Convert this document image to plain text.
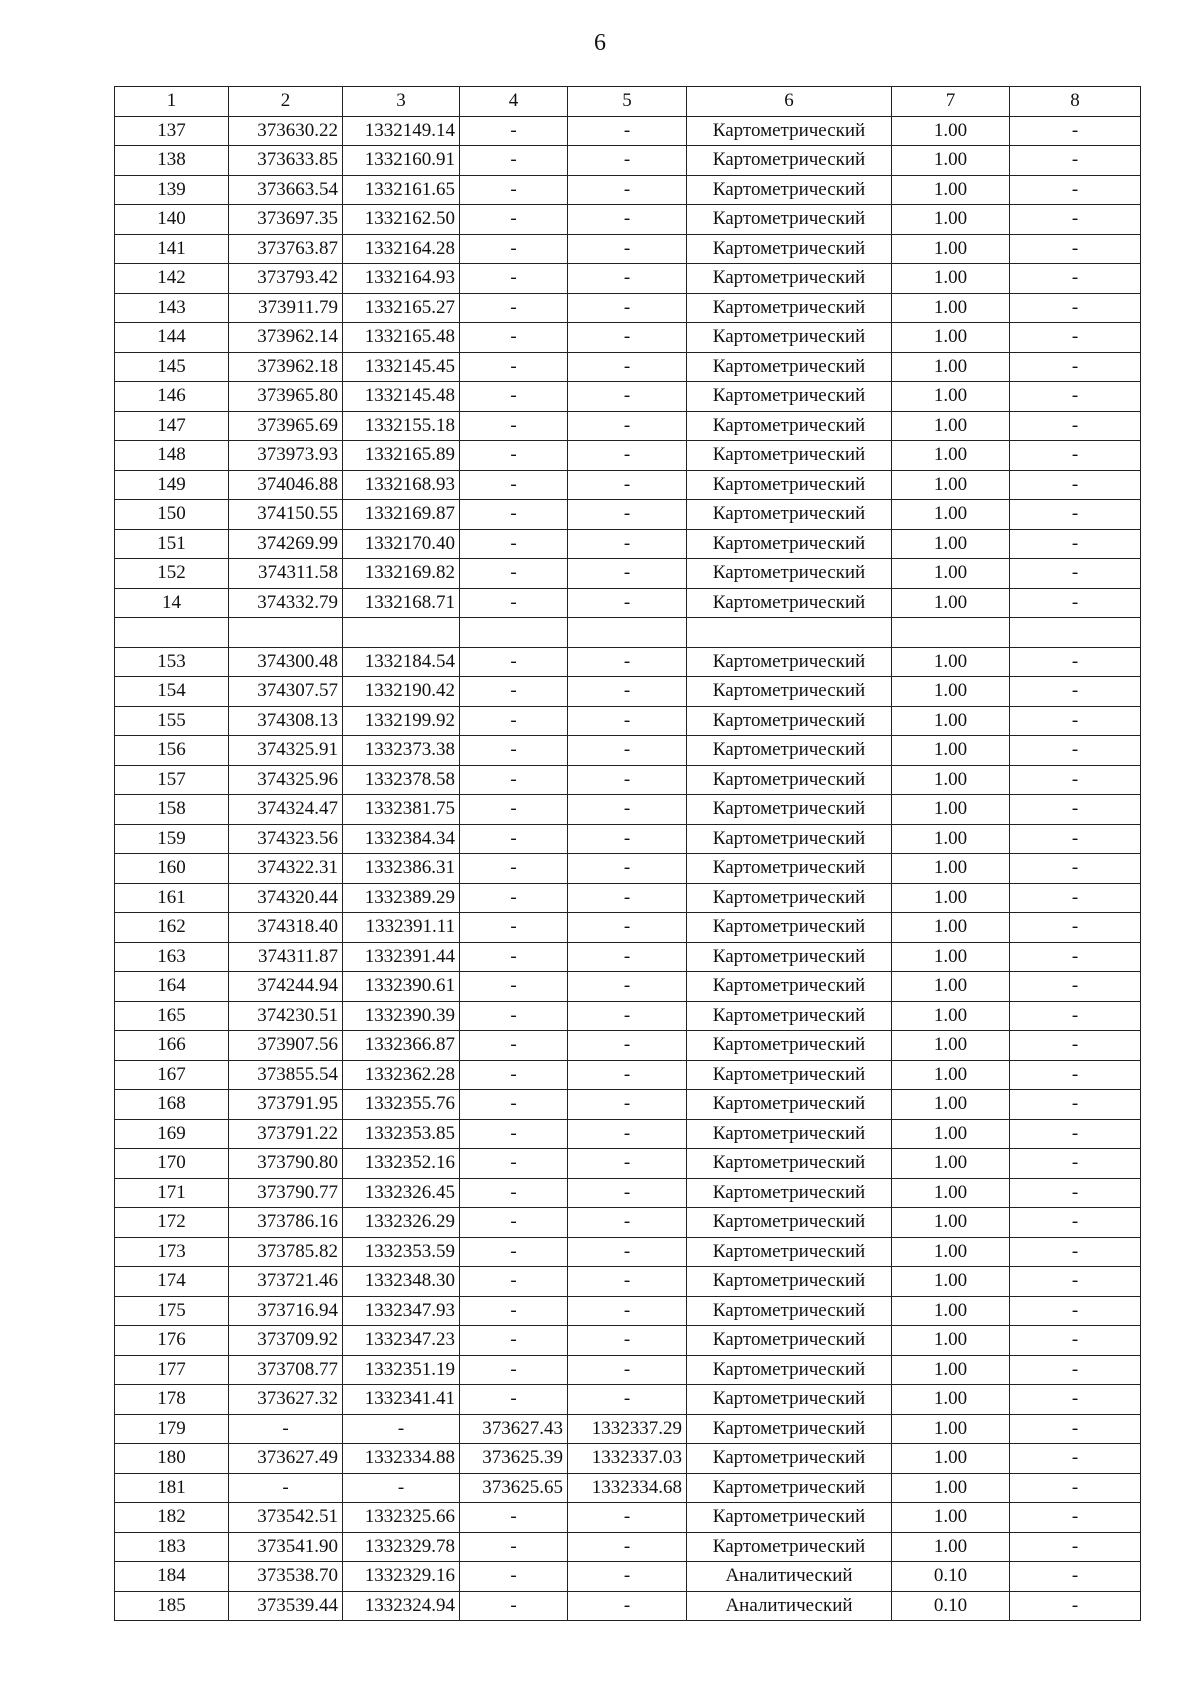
6
1	2	3	4	5	6	7	8
137	373630.22	1332149.14	-	-	Картометрический	1.00	-
138	373633.85	1332160.91	-	-	Картометрический	1.00	-
139	373663.54	1332161.65	-	-	Картометрический	1.00	-
140	373697.35	1332162.50	-	-	Картометрический	1.00	-
141	373763.87	1332164.28	-	-	Картометрический	1.00	-
142	373793.42	1332164.93	-	-	Картометрический	1.00	-
143	373911.79	1332165.27	-	-	Картометрический	1.00	-
144	373962.14	1332165.48	-	-	Картометрический	1.00	-
145	373962.18	1332145.45	-	-	Картометрический	1.00	-
146	373965.80	1332145.48	-	-	Картометрический	1.00	-
147	373965.69	1332155.18	-	-	Картометрический	1.00	-
148	373973.93	1332165.89	-	-	Картометрический	1.00	-
149	374046.88	1332168.93	-	-	Картометрический	1.00	-
150	374150.55	1332169.87	-	-	Картометрический	1.00	-
151	374269.99	1332170.40	-	-	Картометрический	1.00	-
152	374311.58	1332169.82	-	-	Картометрический	1.00	-
14	374332.79	1332168.71	-	-	Картометрический	1.00	-

153	374300.48	1332184.54	-	-	Картометрический	1.00	-
154	374307.57	1332190.42	-	-	Картометрический	1.00	-
155	374308.13	1332199.92	-	-	Картометрический	1.00	-
156	374325.91	1332373.38	-	-	Картометрический	1.00	-
157	374325.96	1332378.58	-	-	Картометрический	1.00	-
158	374324.47	1332381.75	-	-	Картометрический	1.00	-
159	374323.56	1332384.34	-	-	Картометрический	1.00	-
160	374322.31	1332386.31	-	-	Картометрический	1.00	-
161	374320.44	1332389.29	-	-	Картометрический	1.00	-
162	374318.40	1332391.11	-	-	Картометрический	1.00	-
163	374311.87	1332391.44	-	-	Картометрический	1.00	-
164	374244.94	1332390.61	-	-	Картометрический	1.00	-
165	374230.51	1332390.39	-	-	Картометрический	1.00	-
166	373907.56	1332366.87	-	-	Картометрический	1.00	-
167	373855.54	1332362.28	-	-	Картометрический	1.00	-
168	373791.95	1332355.76	-	-	Картометрический	1.00	-
169	373791.22	1332353.85	-	-	Картометрический	1.00	-
170	373790.80	1332352.16	-	-	Картометрический	1.00	-
171	373790.77	1332326.45	-	-	Картометрический	1.00	-
172	373786.16	1332326.29	-	-	Картометрический	1.00	-
173	373785.82	1332353.59	-	-	Картометрический	1.00	-
174	373721.46	1332348.30	-	-	Картометрический	1.00	-
175	373716.94	1332347.93	-	-	Картометрический	1.00	-
176	373709.92	1332347.23	-	-	Картометрический	1.00	-
177	373708.77	1332351.19	-	-	Картометрический	1.00	-
178	373627.32	1332341.41	-	-	Картометрический	1.00	-
179	-	-	373627.43	1332337.29	Картометрический	1.00	-
180	373627.49	1332334.88	373625.39	1332337.03	Картометрический	1.00	-
181	-	-	373625.65	1332334.68	Картометрический	1.00	-
182	373542.51	1332325.66	-	-	Картометрический	1.00	-
183	373541.90	1332329.78	-	-	Картометрический	1.00	-
184	373538.70	1332329.16	-	-	Аналитический	0.10	-
185	373539.44	1332324.94	-	-	Аналитический	0.10	-
